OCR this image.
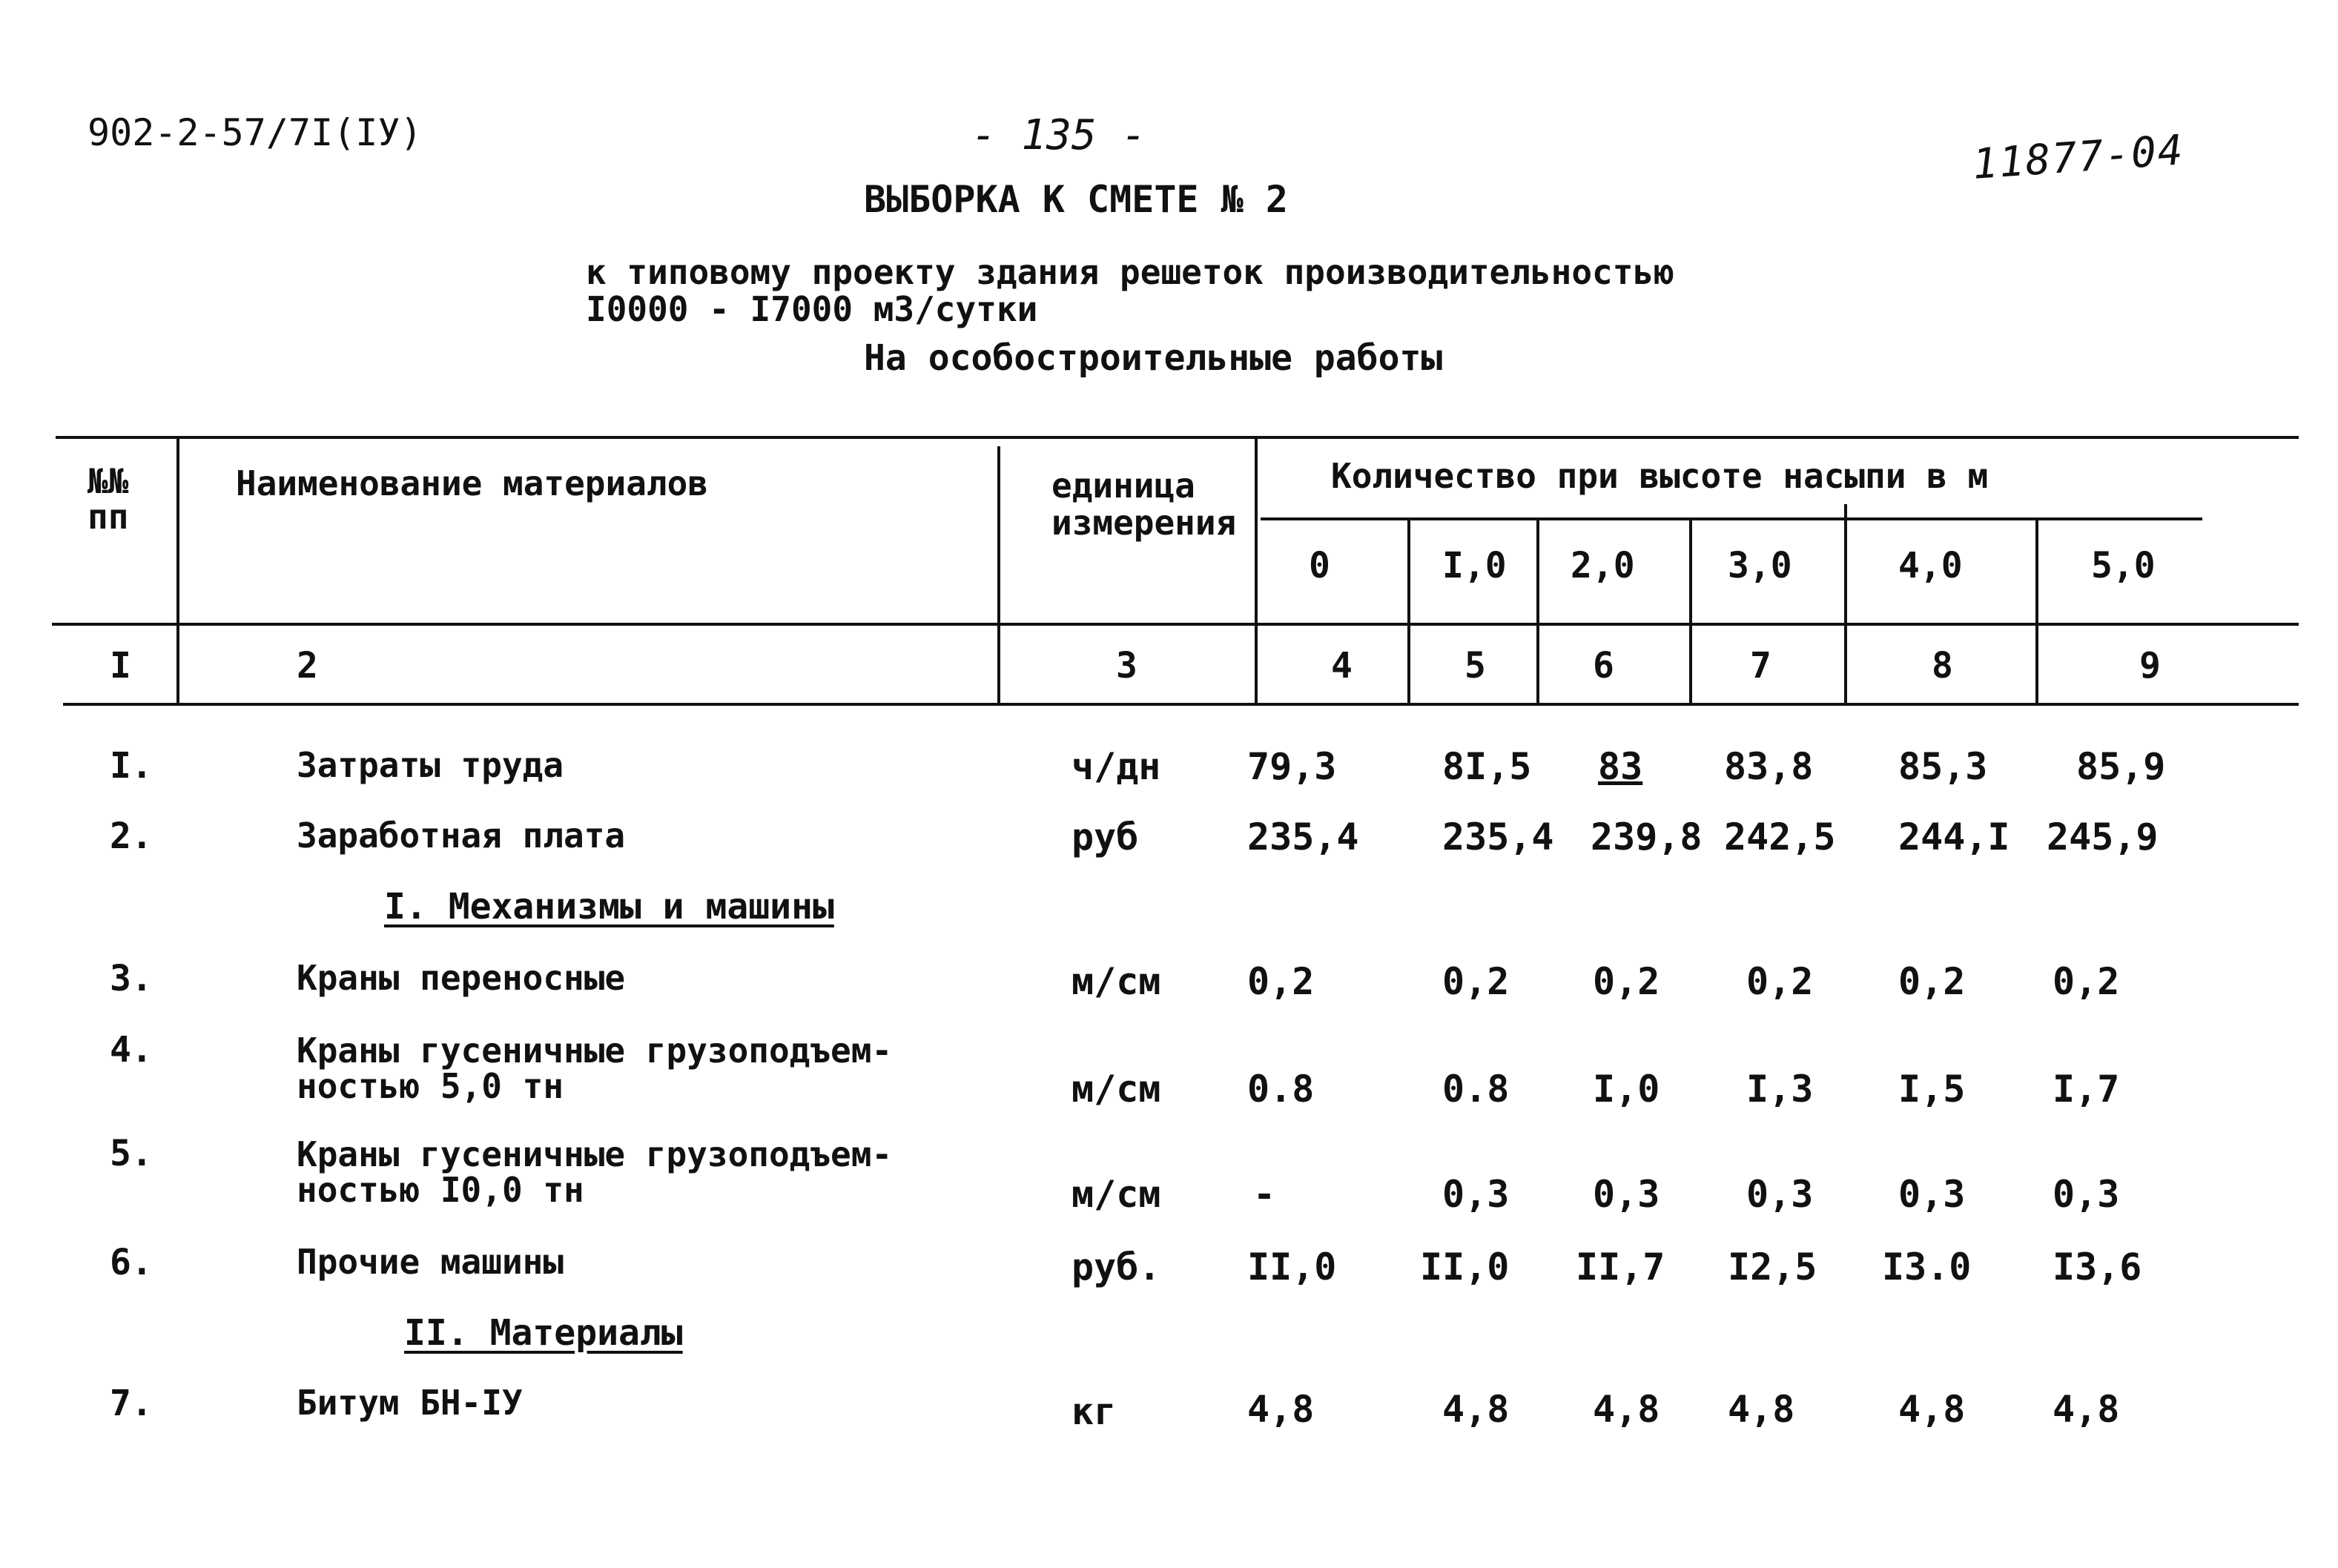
902-2-57/7I(IУ)	- 135 -	11877-04
ВЫБОРКА К СМЕТЕ № 2
к типовому проекту здания решеток производительностью
I0000 - I7000 м3/сутки
На особостроительные работы
№№
пп
Наименование материалов	единица
измерения
Количество при высоте насыпи в м
0	I,0 2,0	3,0	4,0	5,0
I	2	3	4	5	6	7	8	9
I.	Затраты труда	ч/дн 79,3	8I,5 83 83,8 85,3 85,9
2.	Заработная плата	руб	235,4 235,4 239,8 242,5 244,I 245,9
I. Механизмы и машины
3.	Краны переносные	м/см 0,2	0,2 0,2 0,2 0,2 0,2
4.	Краны гусеничные грузоподъем-
ностью 5,0 тн	м/см 0.8	0.8 I,0 I,3 I,5 I,7
5.	Краны гусеничные грузоподъем-
ностью I0,0 тн	м/см -	0,3 0,3 0,3 0,3 0,3
6.	Прочие машины	руб. II,0 II,0 II,7 I2,5 I3.0 I3,6
II. Материалы
7.	Битум БН-IУ	кг	4,8	4,8 4,8 4,8	4,8 4,8
